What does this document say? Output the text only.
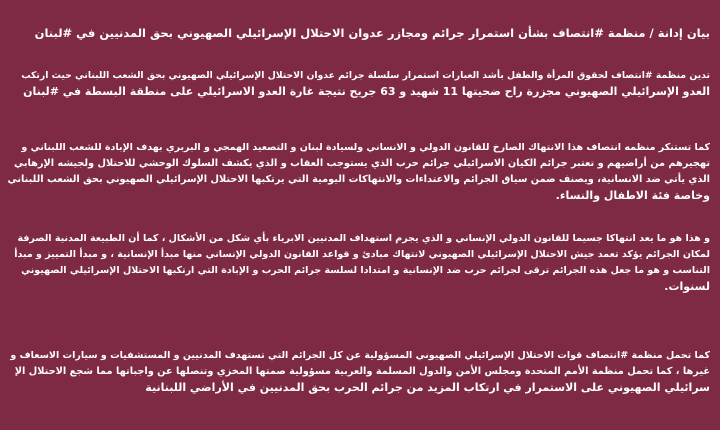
بيان إدانة / منظمة #انتصاف بشأن استمرار جرائم ومجازر عدوان الاحتلال الإسرائيلي الصهيوني بحق المدنيين في #لبنان

تدين منظمة #انتصاف لحقوق المرأة والطفل بأشد العبارات استمرار سلسلة جرائم عدوان الاحتلال الإسرائيلي الصهيوني بحق الشعب اللبناني حيث ارتكب
العدو الإسرائيلي الصهيوني مجزرة راح ضحيتها 11 شهيد و 63 جريح نتيجة غارة العدو الاسرائيلي على منطقة البسطة في #لبنان

كما تستنكر منظمه انتصاف هذا الانتهاك الصارخ للقانون الدولي و الانساني ولسيادة لبنان و التصعيد الهمجي و البربري بهدف الإبادة للشعب اللبناني و
تهجيرهم من أراضيهم و تعتبر جرائم الكيان الاسرائيلي جرائم حرب الذي يستوجب العقاب و الذي يكشف السلوك الوحشي للاحتلال ولجيشه الإرهابي
الذي يأتي ضد الانسانية، ويصنف ضمن سياق الجرائم والاعتداءات والانتهاكات اليومية التي يرتكبها الاحتلال الإسرائيلي الصهيوني بحق الشعب اللبناني
وخاصة فئة الاطفال والنساء.

و هذا هو ما يعد انتهاكا جسيما للقانون الدولي الإنساني و الذي يجرم استهداف المدنيين الابرياء بأي شكل من الأشكال ، كما أن الطبيعة المدنية الصرفة
لمكان الجرائم يؤكد تعمد جيش الاحتلال الإسرائيلي الصهيوني لانتهاك مبادئ و قواعد القانون الدولي الإنساني منها مبدأ الإنسانية ، و مبدأ التمييز و مبدأ
التناسب و هو ما جعل هذه الجرائم ترقى لجرائم حرب ضد الإنسانية و امتدادا لسلسة جرائم الحرب و الإبادة التي ارتكبها الاحتلال الإسرائيلي الصهيوني
لسنوات.

كما تحمل منظمة #انتصاف قوات الاحتلال الإسرائيلي الصهيوني المسؤولية عن كل الجرائم التي تستهدف المدنيين و المستشفيات و سيارات الاسعاف و
غيرها ، كما تحمل منظمة الأمم المتحدة ومجلس الأمن والدول المسلمة والعربية مسؤولية صمتها المخزي وتنصلها عن واجباتها مما شجع الاحتلال الإ
سرائيلي الصهيوني على الاستمرار في ارتكاب المزيد من جرائم الحرب بحق المدنيين في الأراضي اللبنانية
